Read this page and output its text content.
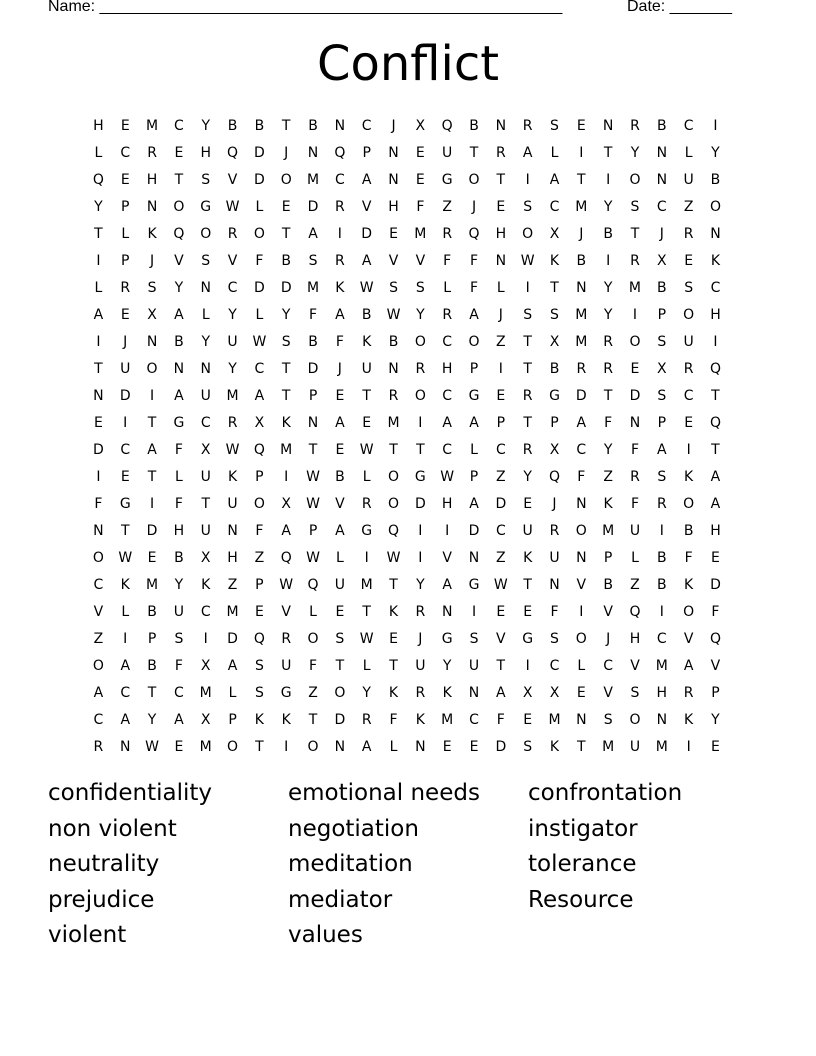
Name: ____________________________________________________	Date: _______
Conflict
H	E	M	C	Y	B	B	T	B	N	C	J	X	Q	B	N	R	S	E	N	R	B	C	I
L	C	R	E	H	Q	D	J	N	Q	P	N	E	U	T	R	A	L	I	T	Y	N	L	Y
Q	E	H	T	S	V	D	O	M	C	A	N	E	G	O	T	I	A	T	I	O	N	U	B
Y	P	N	O	G	W	L	E	D	R	V	H	F	Z	J	E	S	C	M	Y	S	C	Z	O
T	L	K	Q	O	R	O	T	A	I	D	E	M	R	Q	H	O	X	J	B	T	J	R	N
I	P	J	V	S	V	F	B	S	R	A	V	V	F	F	N	W	K	B	I	R	X	E	K
L	R	S	Y	N	C	D	D	M	K	W	S	S	L	F	L	I	T	N	Y	M	B	S	C
A	E	X	A	L	Y	L	Y	F	A	B	W	Y	R	A	J	S	S	M	Y	I	P	O	H
I	J	N	B	Y	U	W	S	B	F	K	B	O	C	O	Z	T	X	M	R	O	S	U	I
T	U	O	N	N	Y	C	T	D	J	U	N	R	H	P	I	T	B	R	R	E	X	R	Q
N	D	I	A	U	M	A	T	P	E	T	R	O	C	G	E	R	G	D	T	D	S	C	T
E	I	T	G	C	R	X	K	N	A	E	M	I	A	A	P	T	P	A	F	N	P	E	Q
D	C	A	F	X	W	Q	M	T	E	W	T	T	C	L	C	R	X	C	Y	F	A	I	T
I	E	T	L	U	K	P	I	W	B	L	O	G	W	P	Z	Y	Q	F	Z	R	S	K	A
F	G	I	F	T	U	O	X	W	V	R	O	D	H	A	D	E	J	N	K	F	R	O	A
N	T	D	H	U	N	F	A	P	A	G	Q	I	I	D	C	U	R	O	M	U	I	B	H
O	W	E	B	X	H	Z	Q	W	L	I	W	I	V	N	Z	K	U	N	P	L	B	F	E
C	K	M	Y	K	Z	P	W	Q	U	M	T	Y	A	G	W	T	N	V	B	Z	B	K	D
V	L	B	U	C	M	E	V	L	E	T	K	R	N	I	E	E	F	I	V	Q	I	O	F
Z	I	P	S	I	D	Q	R	O	S	W	E	J	G	S	V	G	S	O	J	H	C	V	Q
O	A	B	F	X	A	S	U	F	T	L	T	U	Y	U	T	I	C	L	C	V	M	A	V
A	C	T	C	M	L	S	G	Z	O	Y	K	R	K	N	A	X	X	E	V	S	H	R	P
C	A	Y	A	X	P	K	K	T	D	R	F	K	M	C	F	E	M	N	S	O	N	K	Y
R	N	W	E	M	O	T	I	O	N	A	L	N	E	E	D	S	K	T	M	U	M	I	E
confidentiality	emotional needs	confrontation
non violent	negotiation	instigator
neutrality	meditation	tolerance
prejudice	mediator	Resource
violent	values
